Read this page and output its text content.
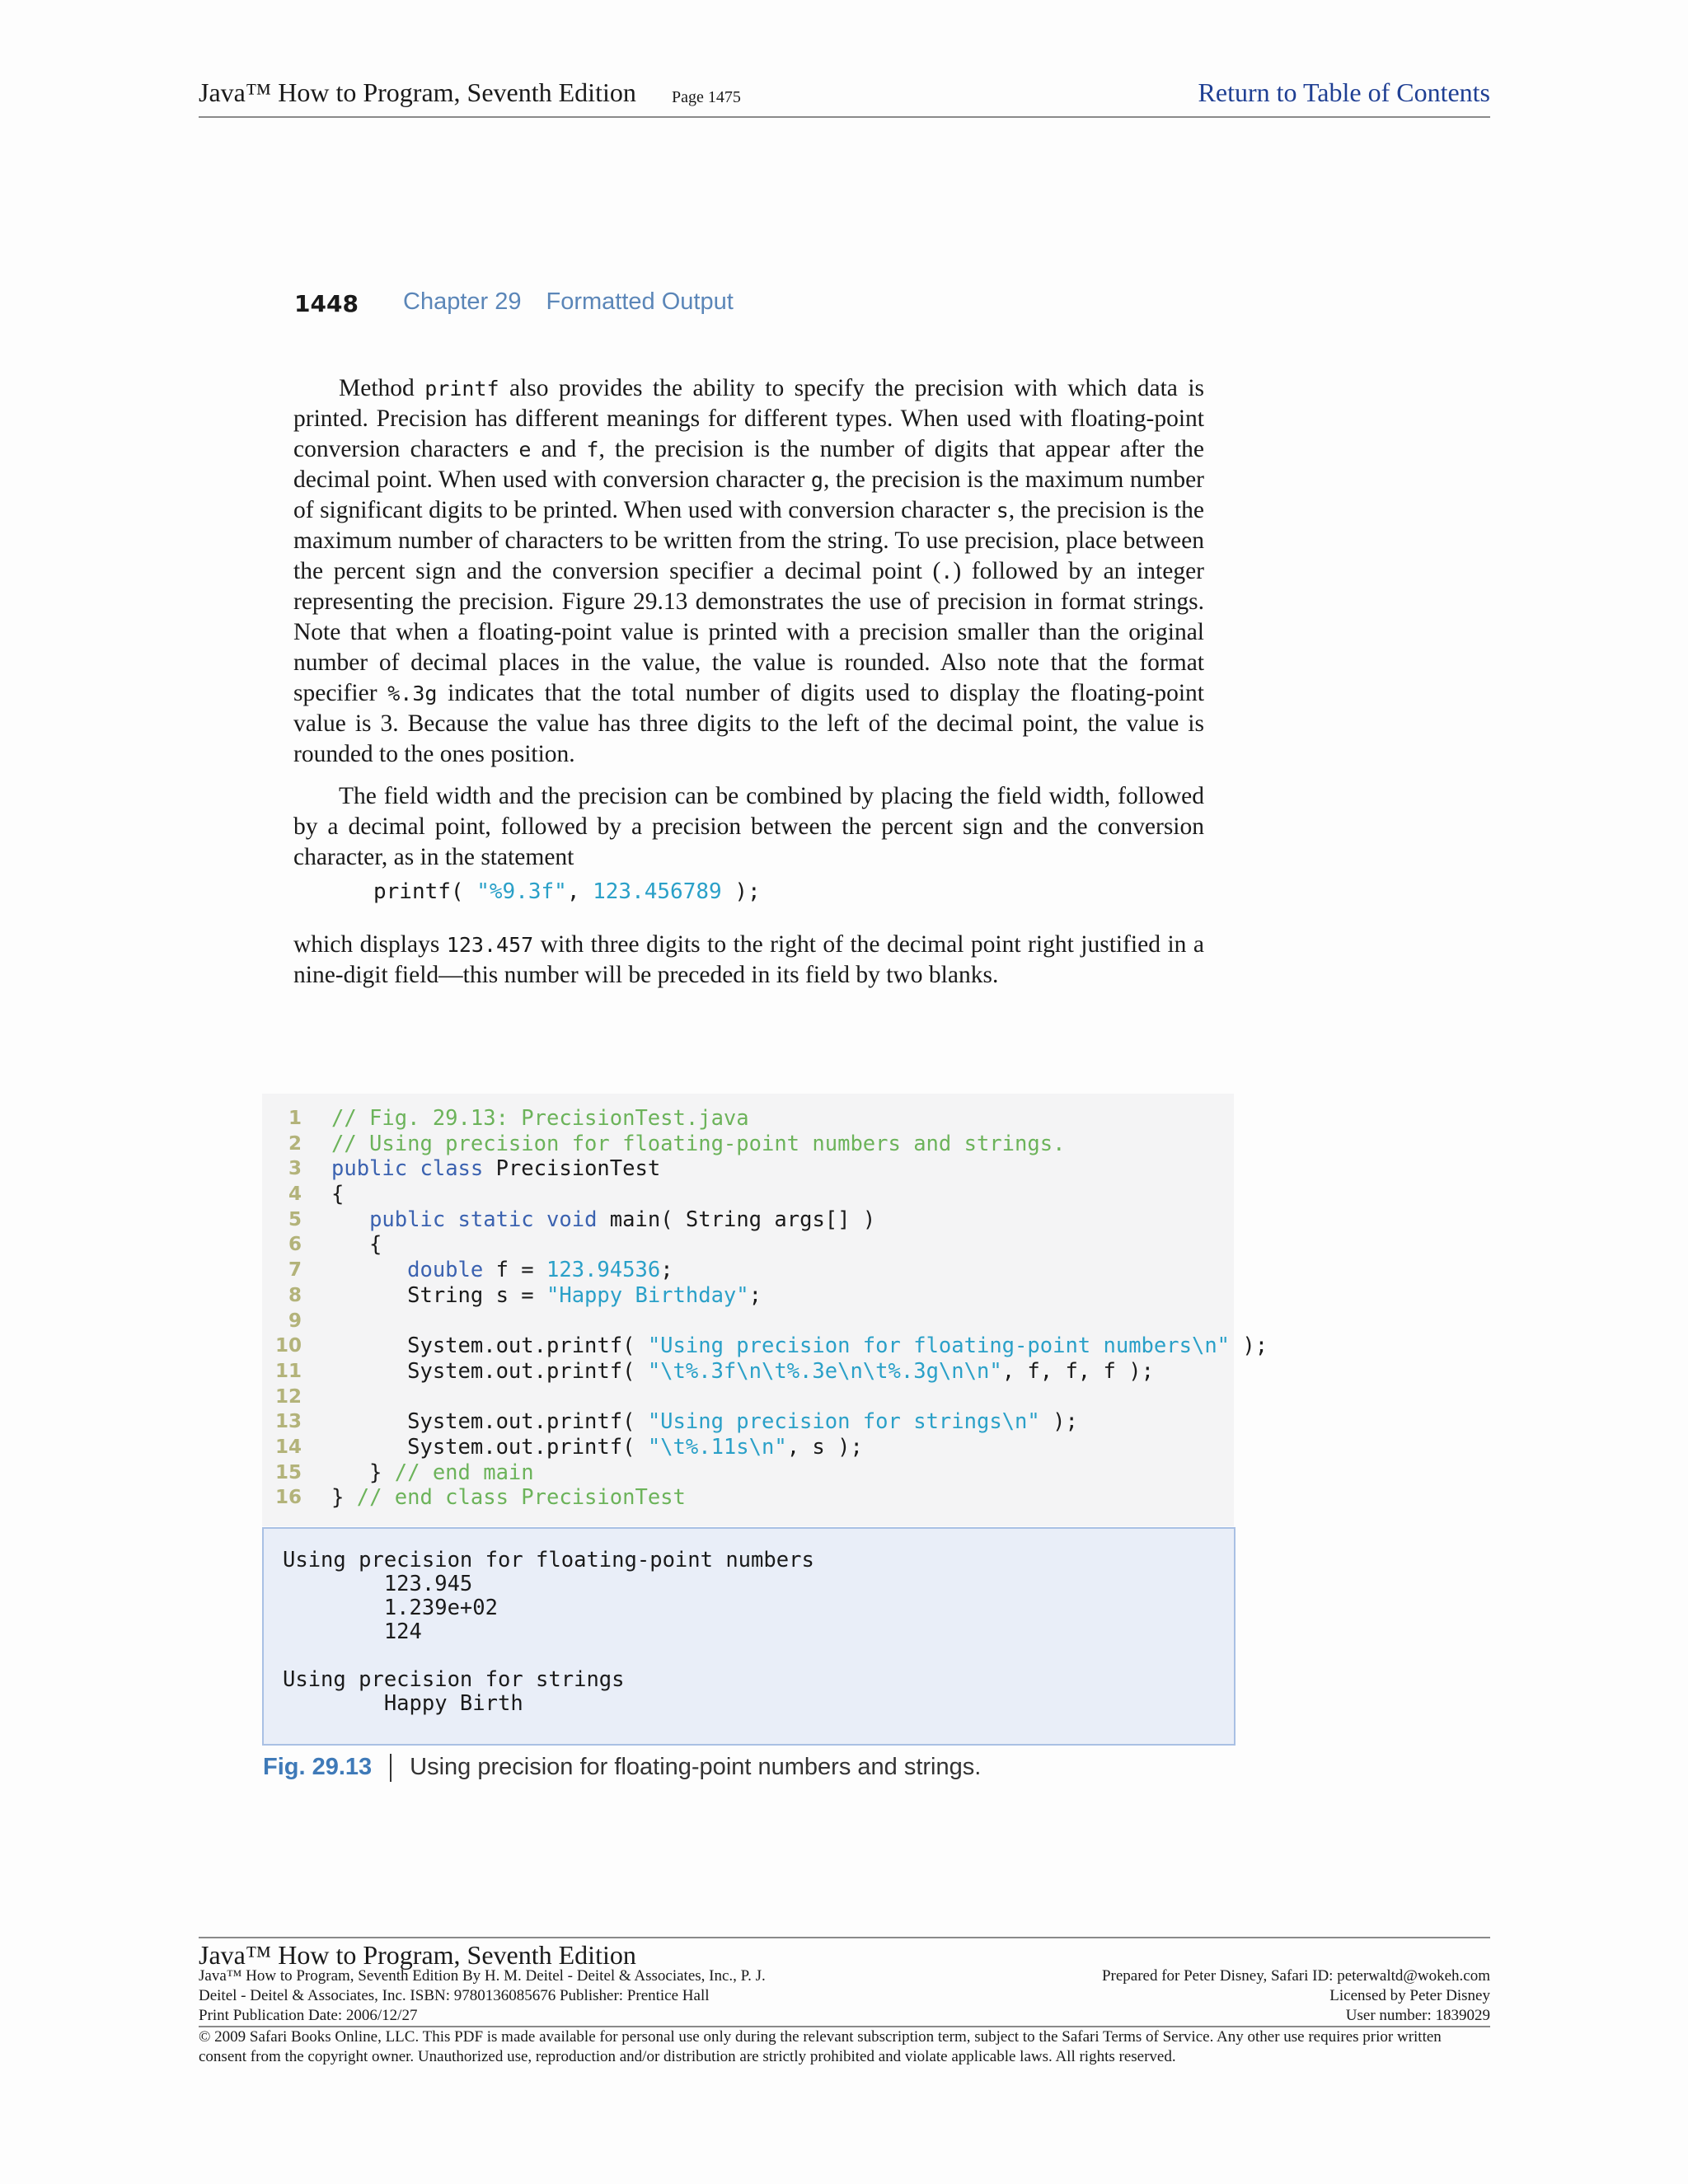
Java™ How to Program, Seventh Edition Page 1475	Return to Table of Contents
1448 Chapter 29 Formatted Output

Method printf also provides the ability to specify the precision with which data is printed. Precision has different meanings for different types. When used with floating-point conversion characters e and f, the precision is the number of digits that appear after the decimal point. When used with conversion character g, the precision is the maximum number of significant digits to be printed. When used with conversion character s, the precision is the maximum number of characters to be written from the string. To use precision, place between the percent sign and the conversion specifier a decimal point (.) followed by an integer representing the precision. Figure 29.13 demonstrates the use of precision in format strings. Note that when a floating-point value is printed with a precision smaller than the original number of decimal places in the value, the value is rounded. Also note that the format specifier %.3g indicates that the total number of digits used to display the floating-point value is 3. Because the value has three digits to the left of the decimal point, the value is rounded to the ones position.

The field width and the precision can be combined by placing the field width, followed by a decimal point, followed by a precision between the percent sign and the conversion character, as in the statement

printf( "%9.3f", 123.456789 );

which displays 123.457 with three digits to the right of the decimal point right justified in a nine-digit field—this number will be preceded in its field by two blanks.

1 // Fig. 29.13: PrecisionTest.java
2 // Using precision for floating-point numbers and strings.
3 public class PrecisionTest
4 {
5	public static void main( String args[] )
6 {
7	double f = 123.94536;
8 String s = "Happy Birthday";
9
10 System.out.printf( "Using precision for floating-point numbers\n" );
11 System.out.printf( "\t%.3f\n\t%.3e\n\t%.3g\n\n", f, f, f );
12
13 System.out.printf( "Using precision for strings\n" );
14 System.out.printf( "\t%.11s\n", s );
15 } // end main
16 } // end class PrecisionTest
Using precision for floating-point numbers
123.945
1.239e+02
124

Using precision for strings
Happy Birth
Fig. 29.13 Using precision for floating-point numbers and strings.
Java™ How to Program, Seventh Edition
Java™ How to Program, Seventh Edition By H. M. Deitel - Deitel & Associates, Inc., P. J.
Deitel - Deitel & Associates, Inc. ISBN: 9780136085676 Publisher: Prentice Hall
Print Publication Date: 2006/12/27
Prepared for Peter Disney, Safari ID: peterwaltd@wokeh.com
Licensed by Peter Disney
User number: 1839029
© 2009 Safari Books Online, LLC. This PDF is made available for personal use only during the relevant subscription term, subject to the Safari Terms of Service. Any other use requires prior written consent from the copyright owner. Unauthorized use, reproduction and/or distribution are strictly prohibited and violate applicable laws. All rights reserved.
